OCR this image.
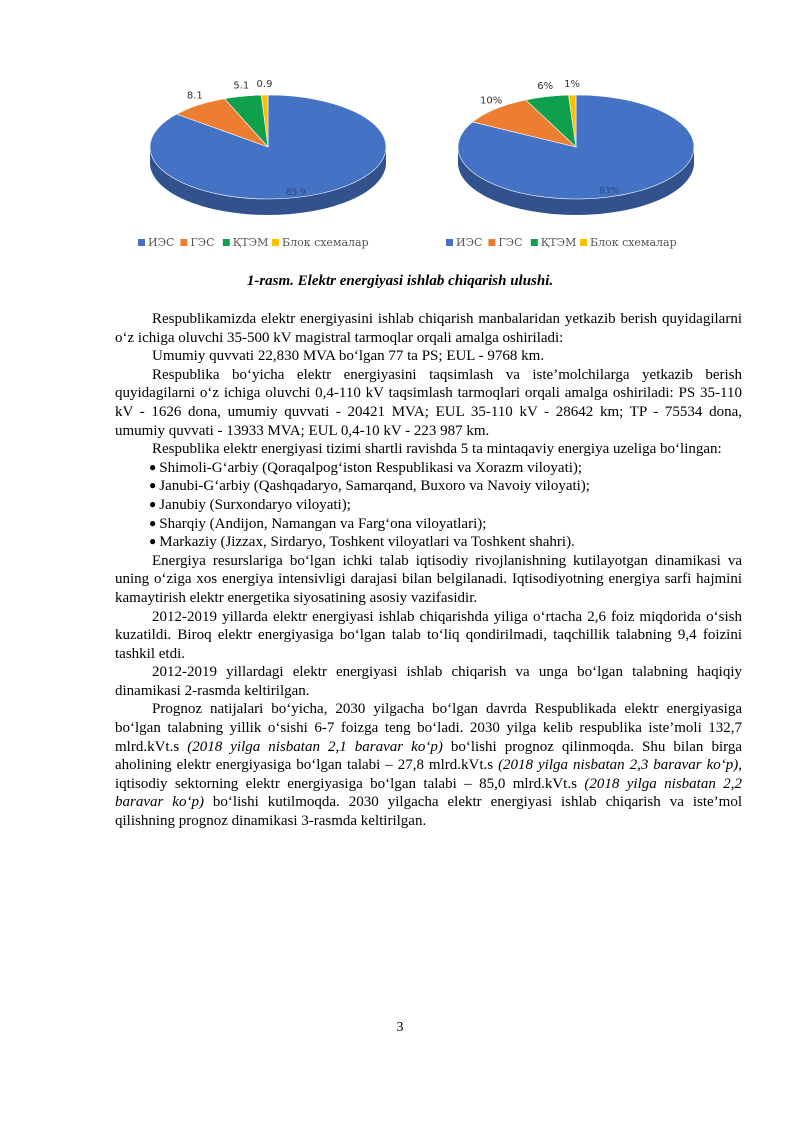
85.9
8.1
5.1 0.9
ИЭС ГЭС ҚТЭМ Блок схемалар
83%
10%
6% 1%
ИЭС ГЭС ҚТЭМ Блок схемалар
1-rasm. Elektr energiyasi ishlab chiqarish ulushi.

Respublikamizda elektr energiyasini ishlab chiqarish manbalaridan yetkazib berish quyidagilarni o‘z ichiga oluvchi 35-500 kV magistral tarmoqlar orqali amalga oshiriladi:

Umumiy quvvati 22,830 MVA bo‘lgan 77 ta PS; EUL - 9768 km.

Respublika bo‘yicha elektr energiyasini taqsimlash va iste’molchilarga yetkazib berish quyidagilarni o‘z ichiga oluvchi 0,4-110 kV taqsimlash tarmoqlari orqali amalga oshiriladi: PS 35-110 kV - 1626 dona, umumiy quvvati - 20421 MVA; EUL 35-110 kV - 28642 km; TP - 75534 dona, umumiy quvvati - 13933 MVA; EUL 0,4-10 kV - 223 987 km.

Respublika elektr energiyasi tizimi shartli ravishda 5 ta mintaqaviy energiya uzeliga bo‘lingan:

● Shimoli-G‘arbiy (Qoraqalpog‘iston Respublikasi va Xorazm viloyati);

● Janubi-G‘arbiy (Qashqadaryo, Samarqand, Buxoro va Navoiy viloyati);

● Janubiy (Surxondaryo viloyati);

● Sharqiy (Andijon, Namangan va Farg‘ona viloyatlari);

● Markaziy (Jizzax, Sirdaryo, Toshkent viloyatlari va Toshkent shahri).

Energiya resurslariga bo‘lgan ichki talab iqtisodiy rivojlanishning kutilayotgan dinamikasi va uning o‘ziga xos energiya intensivligi darajasi bilan belgilanadi. Iqtisodiyotning energiya sarfi hajmini kamaytirish elektr energetika siyosatining asosiy vazifasidir.

2012-2019 yillarda elektr energiyasi ishlab chiqarishda yiliga o‘rtacha 2,6 foiz miqdorida o‘sish kuzatildi. Biroq elektr energiyasiga bo‘lgan talab to‘liq qondirilmadi, taqchillik talabning 9,4 foizini tashkil etdi.

2012-2019 yillardagi elektr energiyasi ishlab chiqarish va unga bo‘lgan talabning haqiqiy dinamikasi 2-rasmda keltirilgan.

Prognoz natijalari bo‘yicha, 2030 yilgacha bo‘lgan davrda Respublikada elektr energiyasiga bo‘lgan talabning yillik o‘sishi 6-7 foizga teng bo‘ladi. 2030 yilga kelib respublika iste’moli 132,7 mlrd.kVt.s (2018 yilga nisbatan 2,1 baravar ko‘p) bo‘lishi prognoz qilinmoqda. Shu bilan birga aholining elektr energiyasiga bo‘lgan talabi – 27,8 mlrd.kVt.s (2018 yilga nisbatan 2,3 baravar ko‘p), iqtisodiy sektorning elektr energiyasiga bo‘lgan talabi – 85,0 mlrd.kVt.s (2018 yilga nisbatan 2,2 baravar ko‘p) bo‘lishi kutilmoqda. 2030 yilgacha elektr energiyasi ishlab chiqarish va iste’mol qilishning prognoz dinamikasi 3-rasmda keltirilgan.

3
